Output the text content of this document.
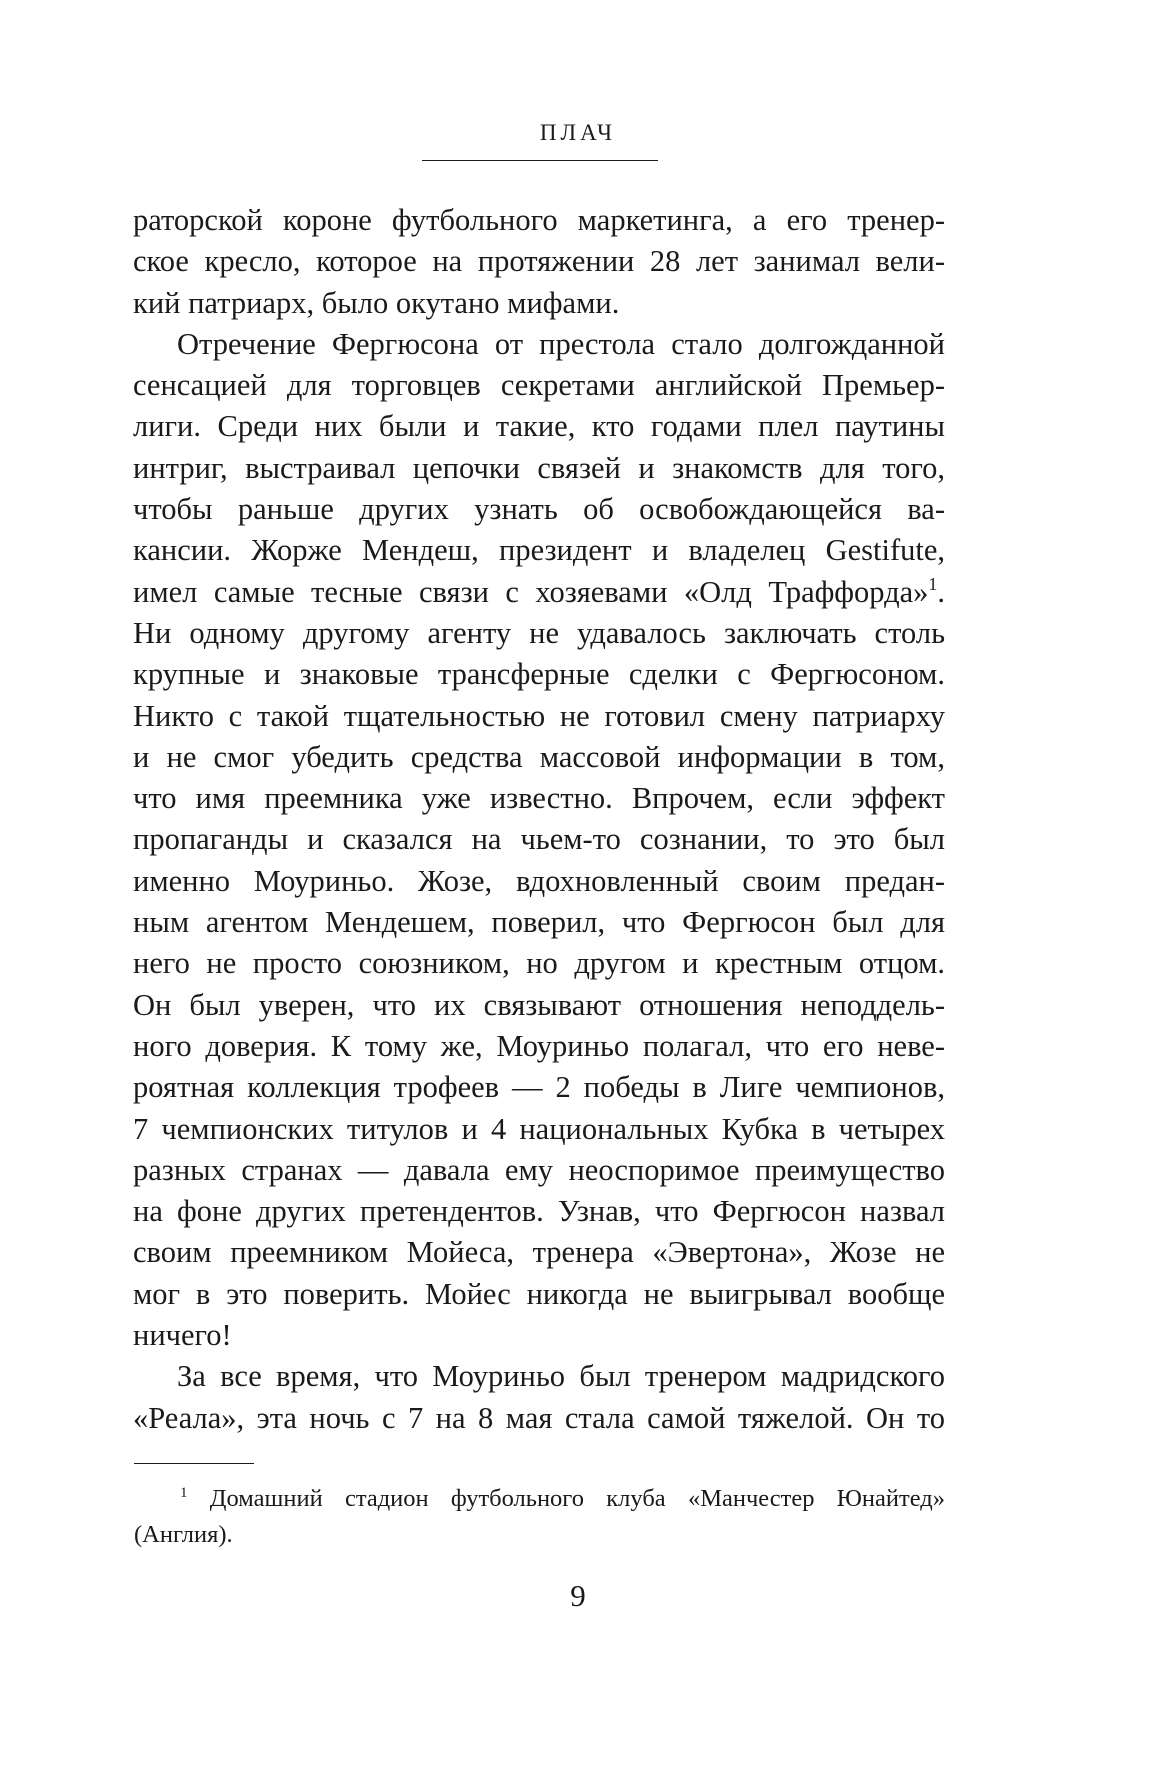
ПЛАЧ
раторской короне футбольного маркетинга, а его тренер-
ское кресло, которое на протяжении 28 лет занимал вели-
кий патриарх, было окутано мифами.
Отречение Фергюсона от престола стало долгожданной
сенсацией для торговцев секретами английской Премьер-
лиги. Среди них были и такие, кто годами плел паутины
интриг, выстраивал цепочки связей и знакомств для того,
чтобы раньше других узнать об освобождающейся ва-
кансии. Жорже Мендеш, президент и владелец Gestifute,
имел самые тесные связи с хозяевами «Олд Траффорда»$^1$.
Ни одному другому агенту не удавалось заключать столь
крупные и знаковые трансферные сделки с Фергюсоном.
Никто с такой тщательностью не готовил смену патриарху
и не смог убедить средства массовой информации в том,
что имя преемника уже известно. Впрочем, если эффект
пропаганды и сказался на чьем-то сознании, то это был
именно Моуриньо. Жозе, вдохновленный своим предан-
ным агентом Мендешем, поверил, что Фергюсон был для
него не просто союзником, но другом и крестным отцом.
Он был уверен, что их связывают отношения неподдель-
ного доверия. К тому же, Моуриньо полагал, что его неве-
роятная коллекция трофеев — 2 победы в Лиге чемпионов,
7 чемпионских титулов и 4 национальных Кубка в четырех
разных странах — давала ему неоспоримое преимущество
на фоне других претендентов. Узнав, что Фергюсон назвал
своим преемником Мойеса, тренера «Эвертона», Жозе не
мог в это поверить. Мойес никогда не выигрывал вообще
ничего!
За все время, что Моуриньо был тренером мадридского
«Реала», эта ночь с 7 на 8 мая стала самой тяжелой. Он то
$^1$ Домашний стадион футбольного клуба «Манчестер Юнайтед»
(Англия).
9
